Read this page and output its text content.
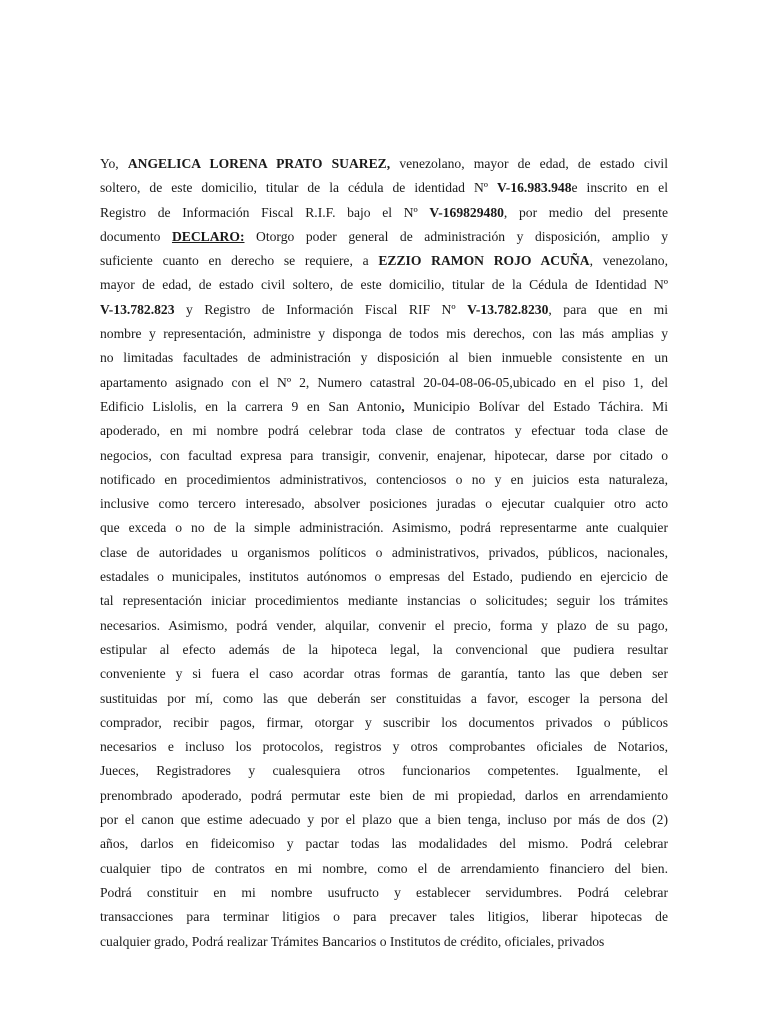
Yo, ANGELICA LORENA PRATO SUAREZ, venezolano, mayor de edad, de estado civil
soltero, de este domicilio, titular de la cédula de identidad Nº V-16.983.948e inscrito en el
Registro de Información Fiscal R.I.F. bajo el Nº V-169829480, por medio del presente
documento DECLARO: Otorgo poder general de administración y disposición, amplio y
suficiente cuanto en derecho se requiere, a EZZIO RAMON ROJO ACUÑA, venezolano,
mayor de edad, de estado civil soltero, de este domicilio, titular de la Cédula de Identidad Nº
V-13.782.823 y Registro de Información Fiscal RIF Nº V-13.782.8230, para que en mi
nombre y representación, administre y disponga de todos mis derechos, con las más amplias y
no limitadas facultades de administración y disposición al bien inmueble consistente en un
apartamento asignado con el Nº 2, Numero catastral 20-04-08-06-05,ubicado en el piso 1, del
Edificio Lislolis, en la carrera 9 en San Antonio, Municipio Bolívar del Estado Táchira. Mi
apoderado, en mi nombre podrá celebrar toda clase de contratos y efectuar toda clase de
negocios, con facultad expresa para transigir, convenir, enajenar, hipotecar, darse por citado o
notificado en procedimientos administrativos, contenciosos o no y en juicios esta naturaleza,
inclusive como tercero interesado, absolver posiciones juradas o ejecutar cualquier otro acto
que exceda o no de la simple administración. Asimismo, podrá representarme ante cualquier
clase de autoridades u organismos políticos o administrativos, privados, públicos, nacionales,
estadales o municipales, institutos autónomos o empresas del Estado, pudiendo en ejercicio de
tal representación iniciar procedimientos mediante instancias o solicitudes; seguir los trámites
necesarios. Asimismo, podrá vender, alquilar, convenir el precio, forma y plazo de su pago,
estipular al efecto además de la hipoteca legal, la convencional que pudiera resultar
conveniente y si fuera el caso acordar otras formas de garantía, tanto las que deben ser
sustituidas por mí, como las que deberán ser constituidas a favor, escoger la persona del
comprador, recibir pagos, firmar, otorgar y suscribir los documentos privados o públicos
necesarios e incluso los protocolos, registros y otros comprobantes oficiales de Notarios,
Jueces, Registradores y cualesquiera otros funcionarios competentes. Igualmente, el
prenombrado apoderado, podrá permutar este bien de mi propiedad, darlos en arrendamiento
por el canon que estime adecuado y por el plazo que a bien tenga, incluso por más de dos (2)
años, darlos en fideicomiso y pactar todas las modalidades del mismo. Podrá celebrar
cualquier tipo de contratos en mi nombre, como el de arrendamiento financiero del bien.
Podrá constituir en mi nombre usufructo y establecer servidumbres. Podrá celebrar
transacciones para terminar litigios o para precaver tales litigios, liberar hipotecas de
cualquier grado, Podrá realizar Trámites Bancarios o Institutos de crédito, oficiales, privados
